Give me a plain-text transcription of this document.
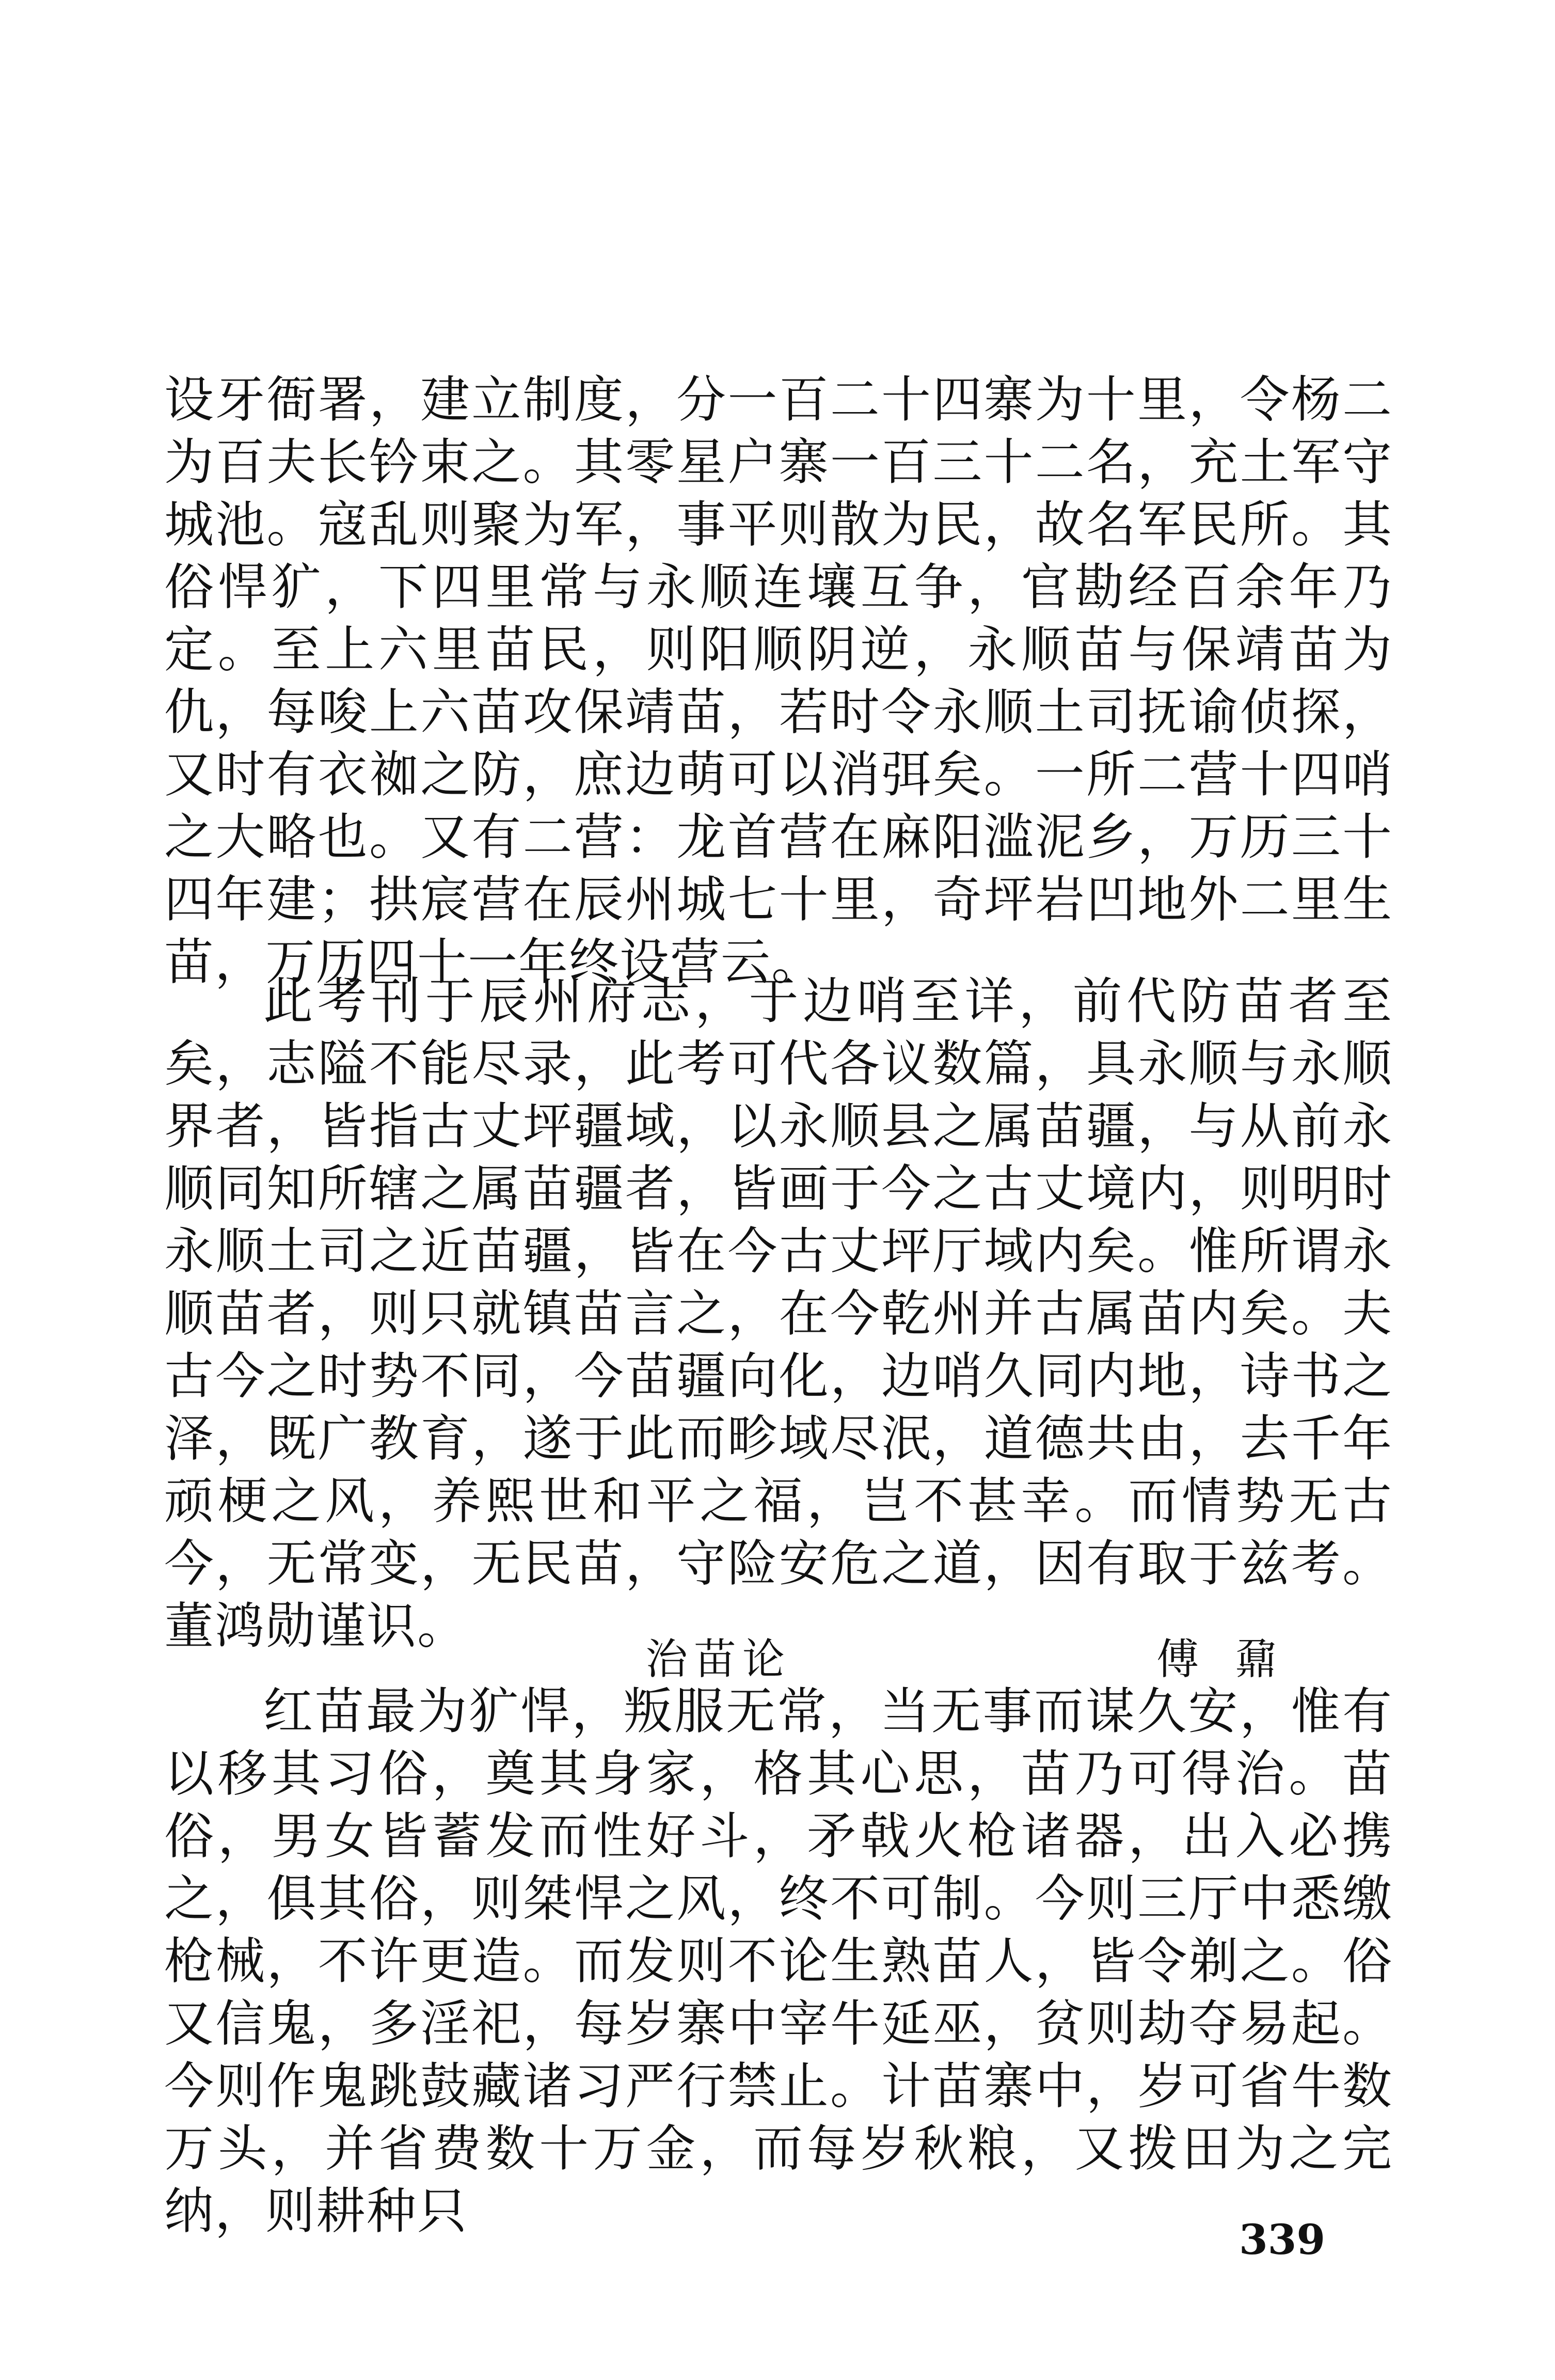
设牙衙署，建立制度，分一百二十四寨为十里，令杨二为百夫长钤束之。其零星户寨一百三十二名，充土军守城池。寇乱则聚为军，事平则散为民，故名军民所。其俗悍犷，下四里常与永顺连壤互争，官勘经百余年乃定。至上六里苗民，则阳顺阴逆，永顺苗与保靖苗为仇，每唆上六苗攻保靖苗，若时令永顺土司抚谕侦探，又时有衣袽之防，庶边萌可以消弭矣。一所二营十四哨之大略也。又有二营：龙首营在麻阳滥泥乡，万历三十四年建；拱宸营在辰州城七十里，奇坪岩凹地外二里生苗，万历四十一年终设营云。

此考刊于辰州府志，于边哨至详，前代防苗者至矣，志隘不能尽录，此考可代各议数篇，具永顺与永顺界者，皆指古丈坪疆域，以永顺县之属苗疆，与从前永顺同知所辖之属苗疆者，皆画于今之古丈境内，则明时永顺土司之近苗疆，皆在今古丈坪厅域内矣。惟所谓永顺苗者，则只就镇苗言之，在今乾州并古属苗内矣。夫古今之时势不同，今苗疆向化，边哨久同内地，诗书之泽，既广教育，遂于此而畛域尽泯，道德共由，去千年顽梗之风，养熙世和平之福，岂不甚幸。而情势无古今，无常变，无民苗，守险安危之道，因有取于兹考。董鸿勋谨识。

治苗论	傅鼐

红苗最为犷悍，叛服无常，当无事而谋久安，惟有以移其习俗，奠其身家，格其心思，苗乃可得治。苗俗，男女皆蓄发而性好斗，矛戟火枪诸器，出入必携之，俱其俗，则桀悍之风，终不可制。今则三厅中悉缴枪械，不许更造。而发则不论生熟苗人，皆令剃之。俗又信鬼，多淫祀，每岁寨中宰牛延巫，贫则劫夺易起。今则作鬼跳鼓藏诸习严行禁止。计苗寨中，岁可省牛数万头，并省费数十万金，而每岁秋粮，又拨田为之完纳，则耕种只	339
